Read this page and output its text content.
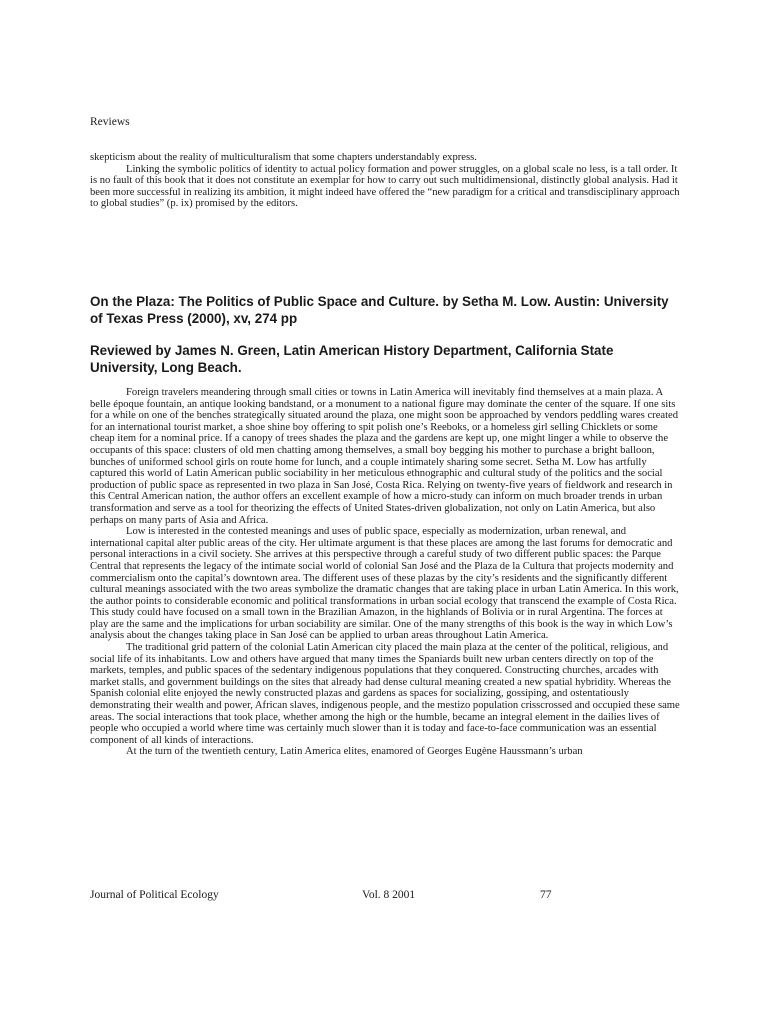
Reviews

skepticism about the reality of multiculturalism that some chapters understandably express.

Linking the symbolic politics of identity to actual policy formation and power struggles, on a global scale no less, is a tall order. It is no fault of this book that it does not constitute an exemplar for how to carry out such multidimensional, distinctly global analysis. Had it been more successful in realizing its ambition, it might indeed have offered the “new paradigm for a critical and transdisciplinary approach to global studies” (p. ix) promised by the editors.

On the Plaza: The Politics of Public Space and Culture. by Setha M. Low. Austin: University of Texas Press (2000), xv, 274 pp
Reviewed by James N. Green, Latin American History Department, California State University, Long Beach.

Foreign travelers meandering through small cities or towns in Latin America will inevitably find themselves at a main plaza. A belle époque fountain, an antique looking bandstand, or a monument to a national figure may dominate the center of the square. If one sits for a while on one of the benches strategically situated around the plaza, one might soon be approached by vendors peddling wares created for an international tourist market, a shoe shine boy offering to spit polish one’s Reeboks, or a homeless girl selling Chicklets or some cheap item for a nominal price. If a canopy of trees shades the plaza and the gardens are kept up, one might linger a while to observe the occupants of this space: clusters of old men chatting among themselves, a small boy begging his mother to purchase a bright balloon, bunches of uniformed school girls on route home for lunch, and a couple intimately sharing some secret. Setha M. Low has artfully captured this world of Latin American public sociability in her meticulous ethnographic and cultural study of the politics and the social production of public space as represented in two plaza in San José, Costa Rica. Relying on twenty-five years of fieldwork and research in this Central American nation, the author offers an excellent example of how a micro-study can inform on much broader trends in urban transformation and serve as a tool for theorizing the effects of United States-driven globalization, not only on Latin America, but also perhaps on many parts of Asia and Africa.

Low is interested in the contested meanings and uses of public space, especially as modernization, urban renewal, and international capital alter public areas of the city. Her ultimate argument is that these places are among the last forums for democratic and personal interactions in a civil society. She arrives at this perspective through a careful study of two different public spaces: the Parque Central that represents the legacy of the intimate social world of colonial San José and the Plaza de la Cultura that projects modernity and commercialism onto the capital’s downtown area. The different uses of these plazas by the city’s residents and the significantly different cultural meanings associated with the two areas symbolize the dramatic changes that are taking place in urban Latin America. In this work, the author points to considerable economic and political transformations in urban social ecology that transcend the example of Costa Rica. This study could have focused on a small town in the Brazilian Amazon, in the highlands of Bolivia or in rural Argentina. The forces at play are the same and the implications for urban sociability are similar. One of the many strengths of this book is the way in which Low’s analysis about the changes taking place in San José can be applied to urban areas throughout Latin America.

The traditional grid pattern of the colonial Latin American city placed the main plaza at the center of the political, religious, and social life of its inhabitants. Low and others have argued that many times the Spaniards built new urban centers directly on top of the markets, temples, and public spaces of the sedentary indigenous populations that they conquered. Constructing churches, arcades with market stalls, and government buildings on the sites that already had dense cultural meaning created a new spatial hybridity. Whereas the Spanish colonial elite enjoyed the newly constructed plazas and gardens as spaces for socializing, gossiping, and ostentatiously demonstrating their wealth and power, African slaves, indigenous people, and the mestizo population crisscrossed and occupied these same areas. The social interactions that took place, whether among the high or the humble, became an integral element in the dailies lives of people who occupied a world where time was certainly much slower than it is today and face-to-face communication was an essential component of all kinds of interactions.

At the turn of the twentieth century, Latin America elites, enamored of Georges Eugène Haussmann’s urban

Journal of Political Ecology	Vol. 8 2001	77
